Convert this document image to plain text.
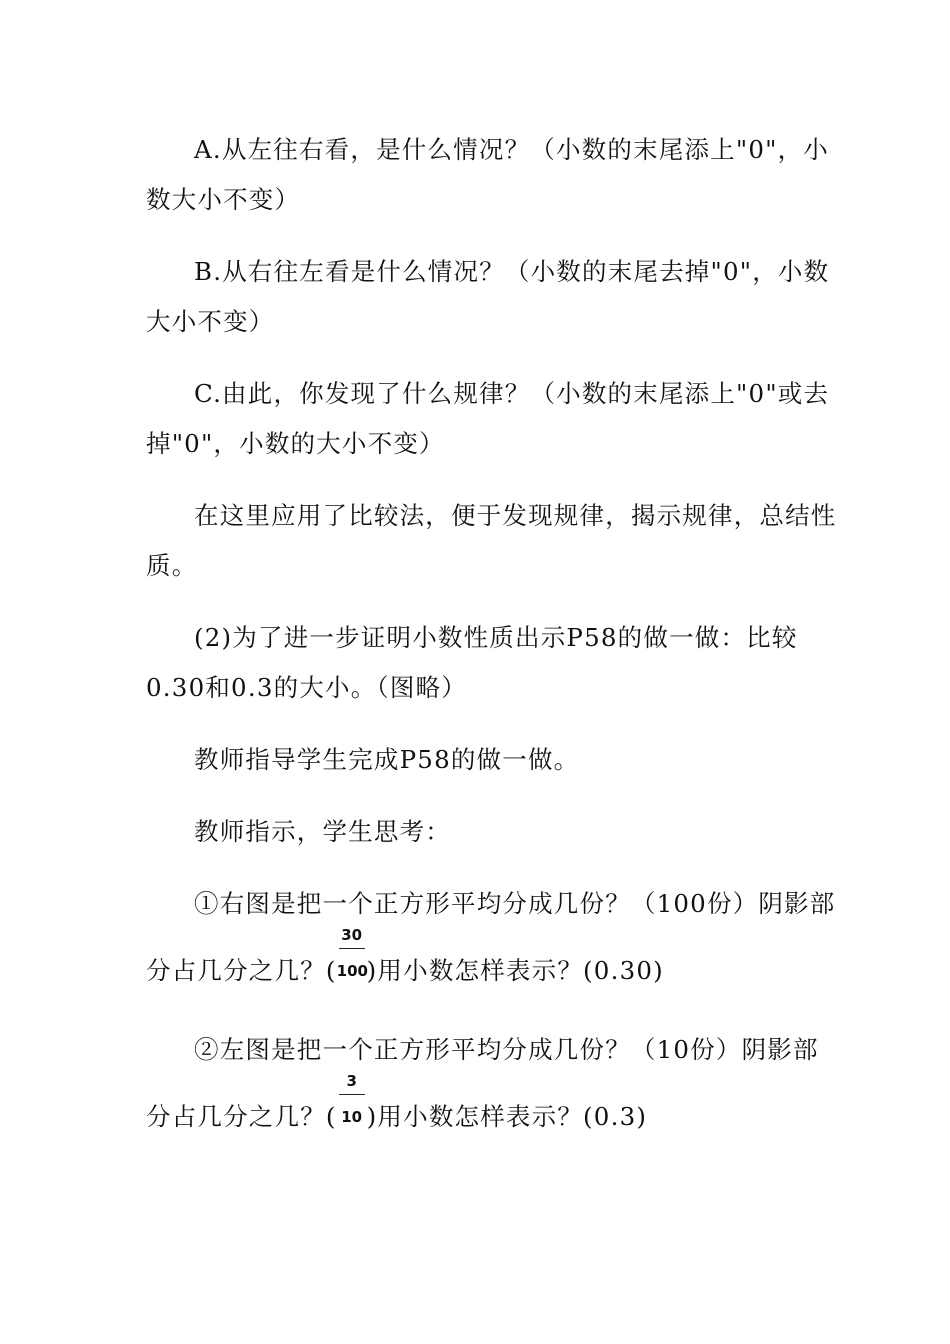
A.从左往右看，是什么情况？（小数的末尾添上"0"，小
数大小不变）
B.从右往左看是什么情况？（小数的末尾去掉"0"，小数
大小不变）
C.由此，你发现了什么规律？（小数的末尾添上"0"或去
掉"0"，小数的大小不变）
在这里应用了比较法，便于发现规律，揭示规律，总结性
质。
(2)为了进一步证明小数性质出示P58的做一做：比较
0.30和0.3的大小。（图略）
教师指导学生完成P58的做一做。
教师指示，学生思考：
①右图是把一个正方形平均分成几份？（100份）阴影部
分占几分之几？( $\frac{30}{100}$ )用小数怎样表示？(0.30)
②左图是把一个正方形平均分成几份？（10份）阴影部
分占几分之几？( $\frac{3}{10}$ )用小数怎样表示？(0.3)
